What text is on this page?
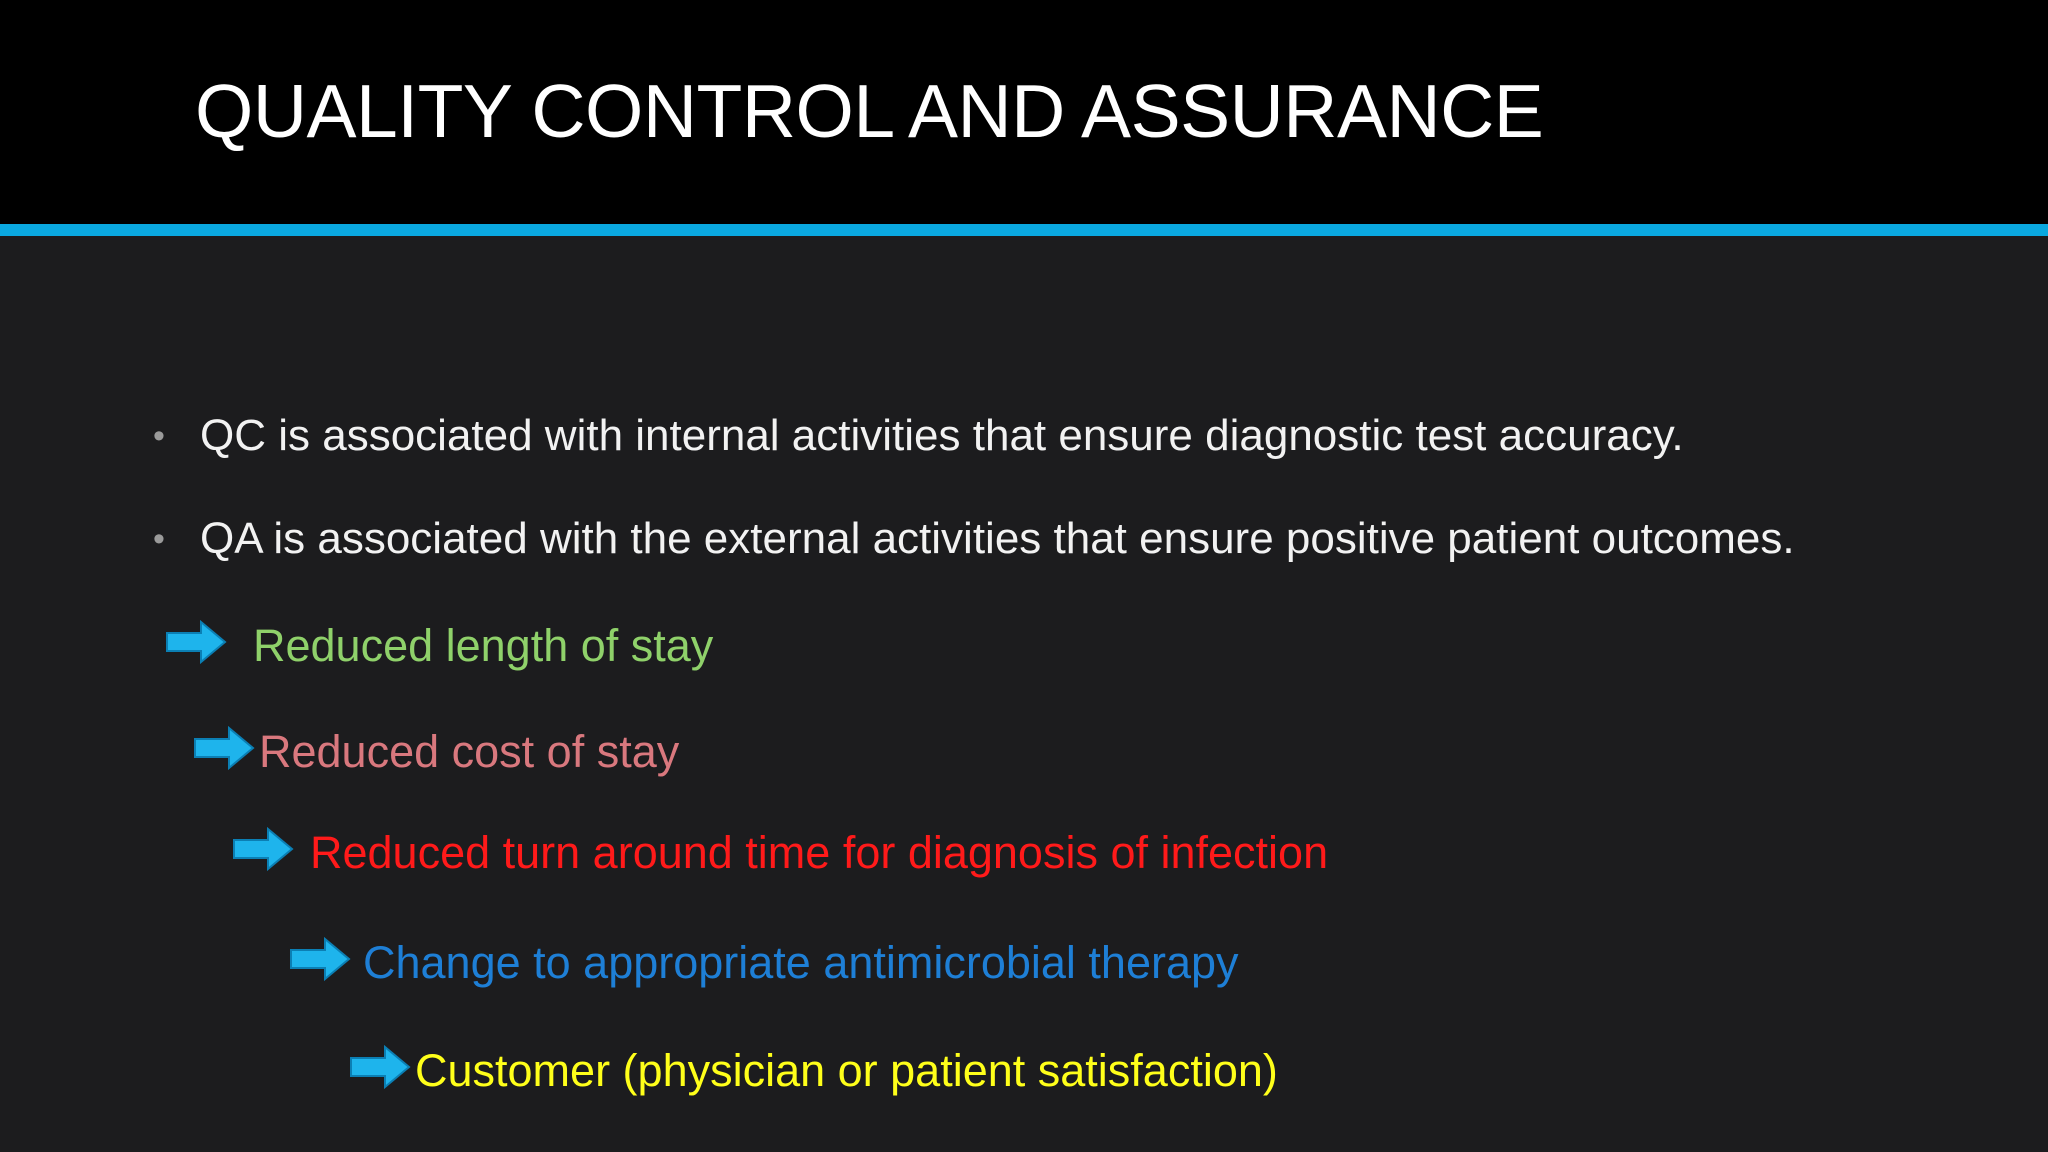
QUALITY CONTROL AND ASSURANCE
• QC is associated with internal activities that ensure diagnostic test accuracy.
• QA is associated with the external activities that ensure positive patient outcomes.
Reduced length of stay
Reduced cost of stay
Reduced turn around time for diagnosis of infection
Change to appropriate antimicrobial therapy
Customer (physician or patient satisfaction)
